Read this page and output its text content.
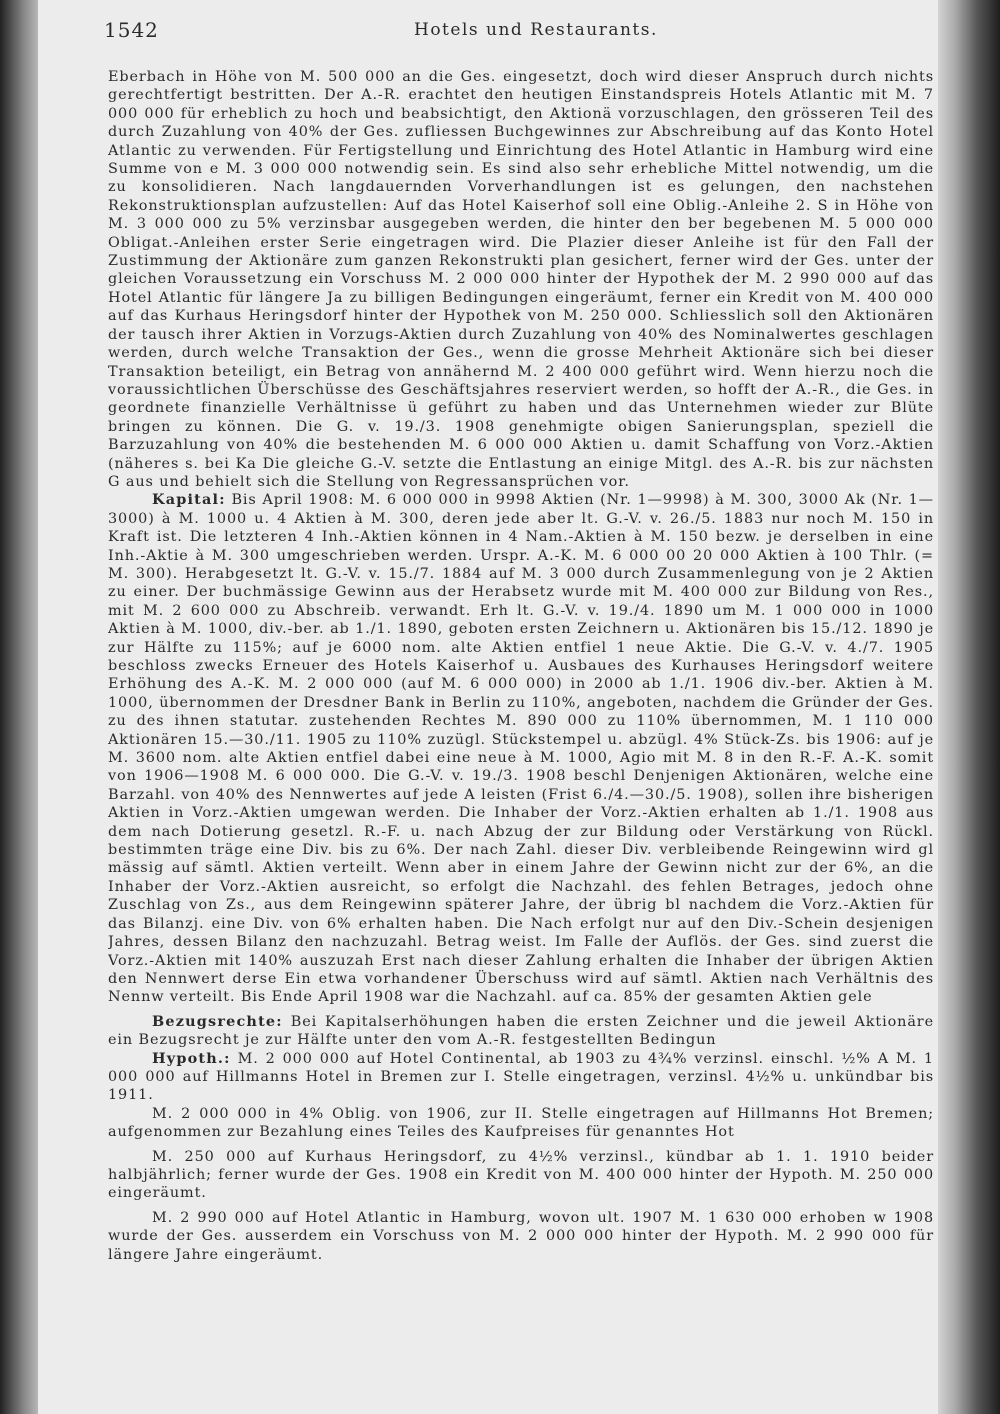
1542	Hotels und Restaurants.

Eberbach in Höhe von M. 500 000 an die Ges. eingesetzt, doch wird dieser Anspruch durch nichts gerechtfertigt bestritten. Der A.-R. erachtet den heutigen Einstandspreis Hotels Atlantic mit M. 7 000 000 für erheblich zu hoch und beabsichtigt, den Aktionä vorzuschlagen, den grösseren Teil des durch Zuzahlung von 40% der Ges. zufliessen Buchgewinnes zur Abschreibung auf das Konto Hotel Atlantic zu verwenden. Für Fertigstellung und Einrichtung des Hotel Atlantic in Hamburg wird eine Summe von e M. 3 000 000 notwendig sein. Es sind also sehr erhebliche Mittel notwendig, um die zu konsolidieren. Nach langdauernden Vorverhandlungen ist es gelungen, den nachstehen Rekonstruktionsplan aufzustellen: Auf das Hotel Kaiserhof soll eine Oblig.-Anleihe 2. S in Höhe von M. 3 000 000 zu 5% verzinsbar ausgegeben werden, die hinter den ber begebenen M. 5 000 000 Obligat.-Anleihen erster Serie eingetragen wird. Die Plazier dieser Anleihe ist für den Fall der Zustimmung der Aktionäre zum ganzen Rekonstrukti plan gesichert, ferner wird der Ges. unter der gleichen Voraussetzung ein Vorschuss M. 2 000 000 hinter der Hypothek der M. 2 990 000 auf das Hotel Atlantic für längere Ja zu billigen Bedingungen eingeräumt, ferner ein Kredit von M. 400 000 auf das Kurhaus Heringsdorf hinter der Hypothek von M. 250 000. Schliesslich soll den Aktionären der tausch ihrer Aktien in Vorzugs-Aktien durch Zuzahlung von 40% des Nominalwertes geschlagen werden, durch welche Transaktion der Ges., wenn die grosse Mehrheit Aktionäre sich bei dieser Transaktion beteiligt, ein Betrag von annähernd M. 2 400 000 geführt wird. Wenn hierzu noch die voraussichtlichen Überschüsse des Geschäftsjahres reserviert werden, so hofft der A.-R., die Ges. in geordnete finanzielle Verhältnisse ü geführt zu haben und das Unternehmen wieder zur Blüte bringen zu können. Die G. v. 19./3. 1908 genehmigte obigen Sanierungsplan, speziell die Barzuzahlung von 40% die bestehenden M. 6 000 000 Aktien u. damit Schaffung von Vorz.-Aktien (näheres s. bei Ka Die gleiche G.-V. setzte die Entlastung an einige Mitgl. des A.-R. bis zur nächsten G aus und behielt sich die Stellung von Regressansprüchen vor.

Kapital: Bis April 1908: M. 6 000 000 in 9998 Aktien (Nr. 1—9998) à M. 300, 3000 Ak (Nr. 1—3000) à M. 1000 u. 4 Aktien à M. 300, deren jede aber lt. G.-V. v. 26./5. 1883 nur noch M. 150 in Kraft ist. Die letzteren 4 Inh.-Aktien können in 4 Nam.-Aktien à M. 150 bezw. je derselben in eine Inh.-Aktie à M. 300 umgeschrieben werden. Urspr. A.-K. M. 6 000 00 20 000 Aktien à 100 Thlr. (= M. 300). Herabgesetzt lt. G.-V. v. 15./7. 1884 auf M. 3 000 durch Zusammenlegung von je 2 Aktien zu einer. Der buchmässige Gewinn aus der Herabsetz wurde mit M. 400 000 zur Bildung von Res., mit M. 2 600 000 zu Abschreib. verwandt. Erh lt. G.-V. v. 19./4. 1890 um M. 1 000 000 in 1000 Aktien à M. 1000, div.-ber. ab 1./1. 1890, geboten ersten Zeichnern u. Aktionären bis 15./12. 1890 je zur Hälfte zu 115%; auf je 6000 nom. alte Aktien entfiel 1 neue Aktie. Die G.-V. v. 4./7. 1905 beschloss zwecks Erneuer des Hotels Kaiserhof u. Ausbaues des Kurhauses Heringsdorf weitere Erhöhung des A.-K. M. 2 000 000 (auf M. 6 000 000) in 2000 ab 1./1. 1906 div.-ber. Aktien à M. 1000, übernommen der Dresdner Bank in Berlin zu 110%, angeboten, nachdem die Gründer der Ges. zu des ihnen statutar. zustehenden Rechtes M. 890 000 zu 110% übernommen, M. 1 110 000 Aktionären 15.—30./11. 1905 zu 110% zuzügl. Stückstempel u. abzügl. 4% Stück-Zs. bis 1906: auf je M. 3600 nom. alte Aktien entfiel dabei eine neue à M. 1000, Agio mit M. 8 in den R.-F. A.-K. somit von 1906—1908 M. 6 000 000. Die G.-V. v. 19./3. 1908 beschl Denjenigen Aktionären, welche eine Barzahl. von 40% des Nennwertes auf jede A leisten (Frist 6./4.—30./5. 1908), sollen ihre bisherigen Aktien in Vorz.-Aktien umgewan werden. Die Inhaber der Vorz.-Aktien erhalten ab 1./1. 1908 aus dem nach Dotierung gesetzl. R.-F. u. nach Abzug der zur Bildung oder Verstärkung von Rückl. bestimmten träge eine Div. bis zu 6%. Der nach Zahl. dieser Div. verbleibende Reingewinn wird gl mässig auf sämtl. Aktien verteilt. Wenn aber in einem Jahre der Gewinn nicht zur der 6%, an die Inhaber der Vorz.-Aktien ausreicht, so erfolgt die Nachzahl. des fehlen Betrages, jedoch ohne Zuschlag von Zs., aus dem Reingewinn späterer Jahre, der übrig bl nachdem die Vorz.-Aktien für das Bilanzj. eine Div. von 6% erhalten haben. Die Nach erfolgt nur auf den Div.-Schein desjenigen Jahres, dessen Bilanz den nachzuzahl. Betrag weist. Im Falle der Auflös. der Ges. sind zuerst die Vorz.-Aktien mit 140% auszuzah Erst nach dieser Zahlung erhalten die Inhaber der übrigen Aktien den Nennwert derse Ein etwa vorhandener Überschuss wird auf sämtl. Aktien nach Verhältnis des Nennw verteilt. Bis Ende April 1908 war die Nachzahl. auf ca. 85% der gesamten Aktien gele

Bezugsrechte: Bei Kapitalserhöhungen haben die ersten Zeichner und die jeweil Aktionäre ein Bezugsrecht je zur Hälfte unter den vom A.-R. festgestellten Bedingun

Hypoth.: M. 2 000 000 auf Hotel Continental, ab 1903 zu 4¾% verzinsl. einschl. ½% A M. 1 000 000 auf Hillmanns Hotel in Bremen zur I. Stelle eingetragen, verzinsl. 4½% u. unkündbar bis 1911.

M. 2 000 000 in 4% Oblig. von 1906, zur II. Stelle eingetragen auf Hillmanns Hot Bremen; aufgenommen zur Bezahlung eines Teiles des Kaufpreises für genanntes Hot

M. 250 000 auf Kurhaus Heringsdorf, zu 4½% verzinsl., kündbar ab 1. 1. 1910 beider halbjährlich; ferner wurde der Ges. 1908 ein Kredit von M. 400 000 hinter der Hypoth. M. 250 000 eingeräumt.

M. 2 990 000 auf Hotel Atlantic in Hamburg, wovon ult. 1907 M. 1 630 000 erhoben w 1908 wurde der Ges. ausserdem ein Vorschuss von M. 2 000 000 hinter der Hypoth. M. 2 990 000 für längere Jahre eingeräumt.
